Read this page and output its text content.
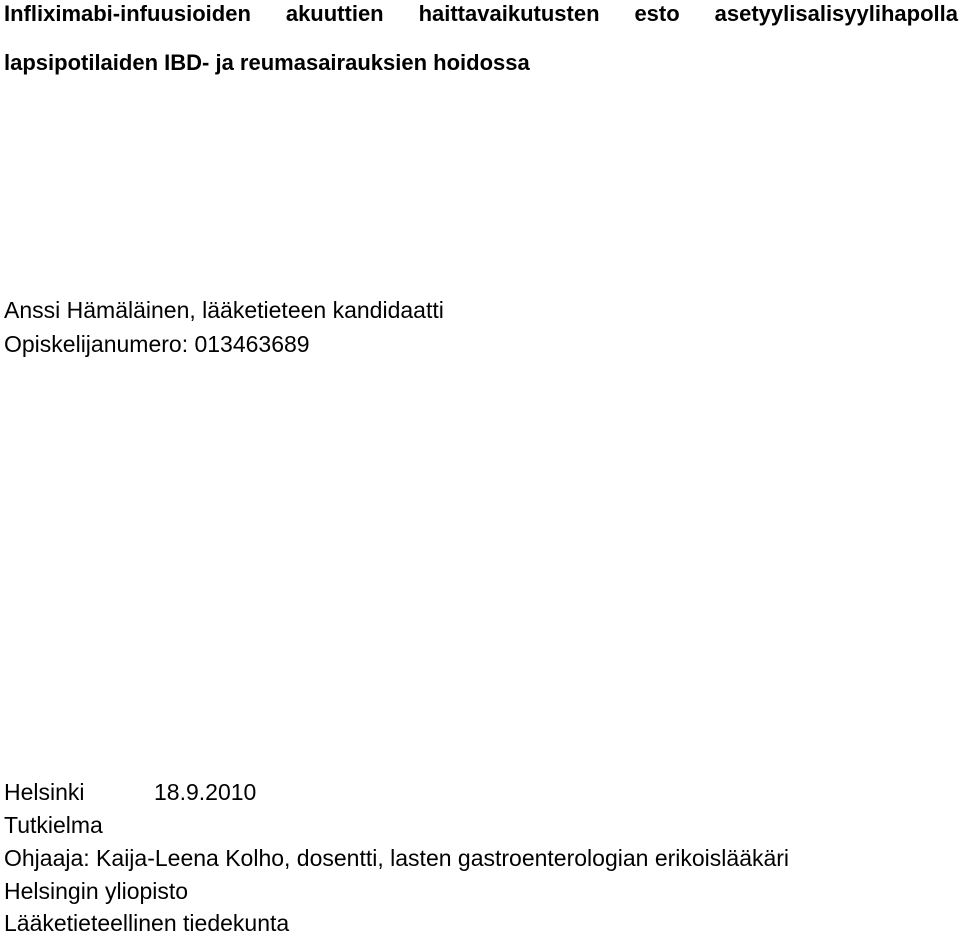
Infliximabi-infuusioiden akuuttien haittavaikutusten esto asetyylisalisyylihapolla
lapsipotilaiden IBD- ja reumasairauksien hoidossa
Anssi Hämäläinen, lääketieteen kandidaatti
Opiskelijanumero: 013463689
Helsinki	18.9.2010
Tutkielma
Ohjaaja: Kaija-Leena Kolho, dosentti, lasten gastroenterologian erikoislääkäri
Helsingin yliopisto
Lääketieteellinen tiedekunta
